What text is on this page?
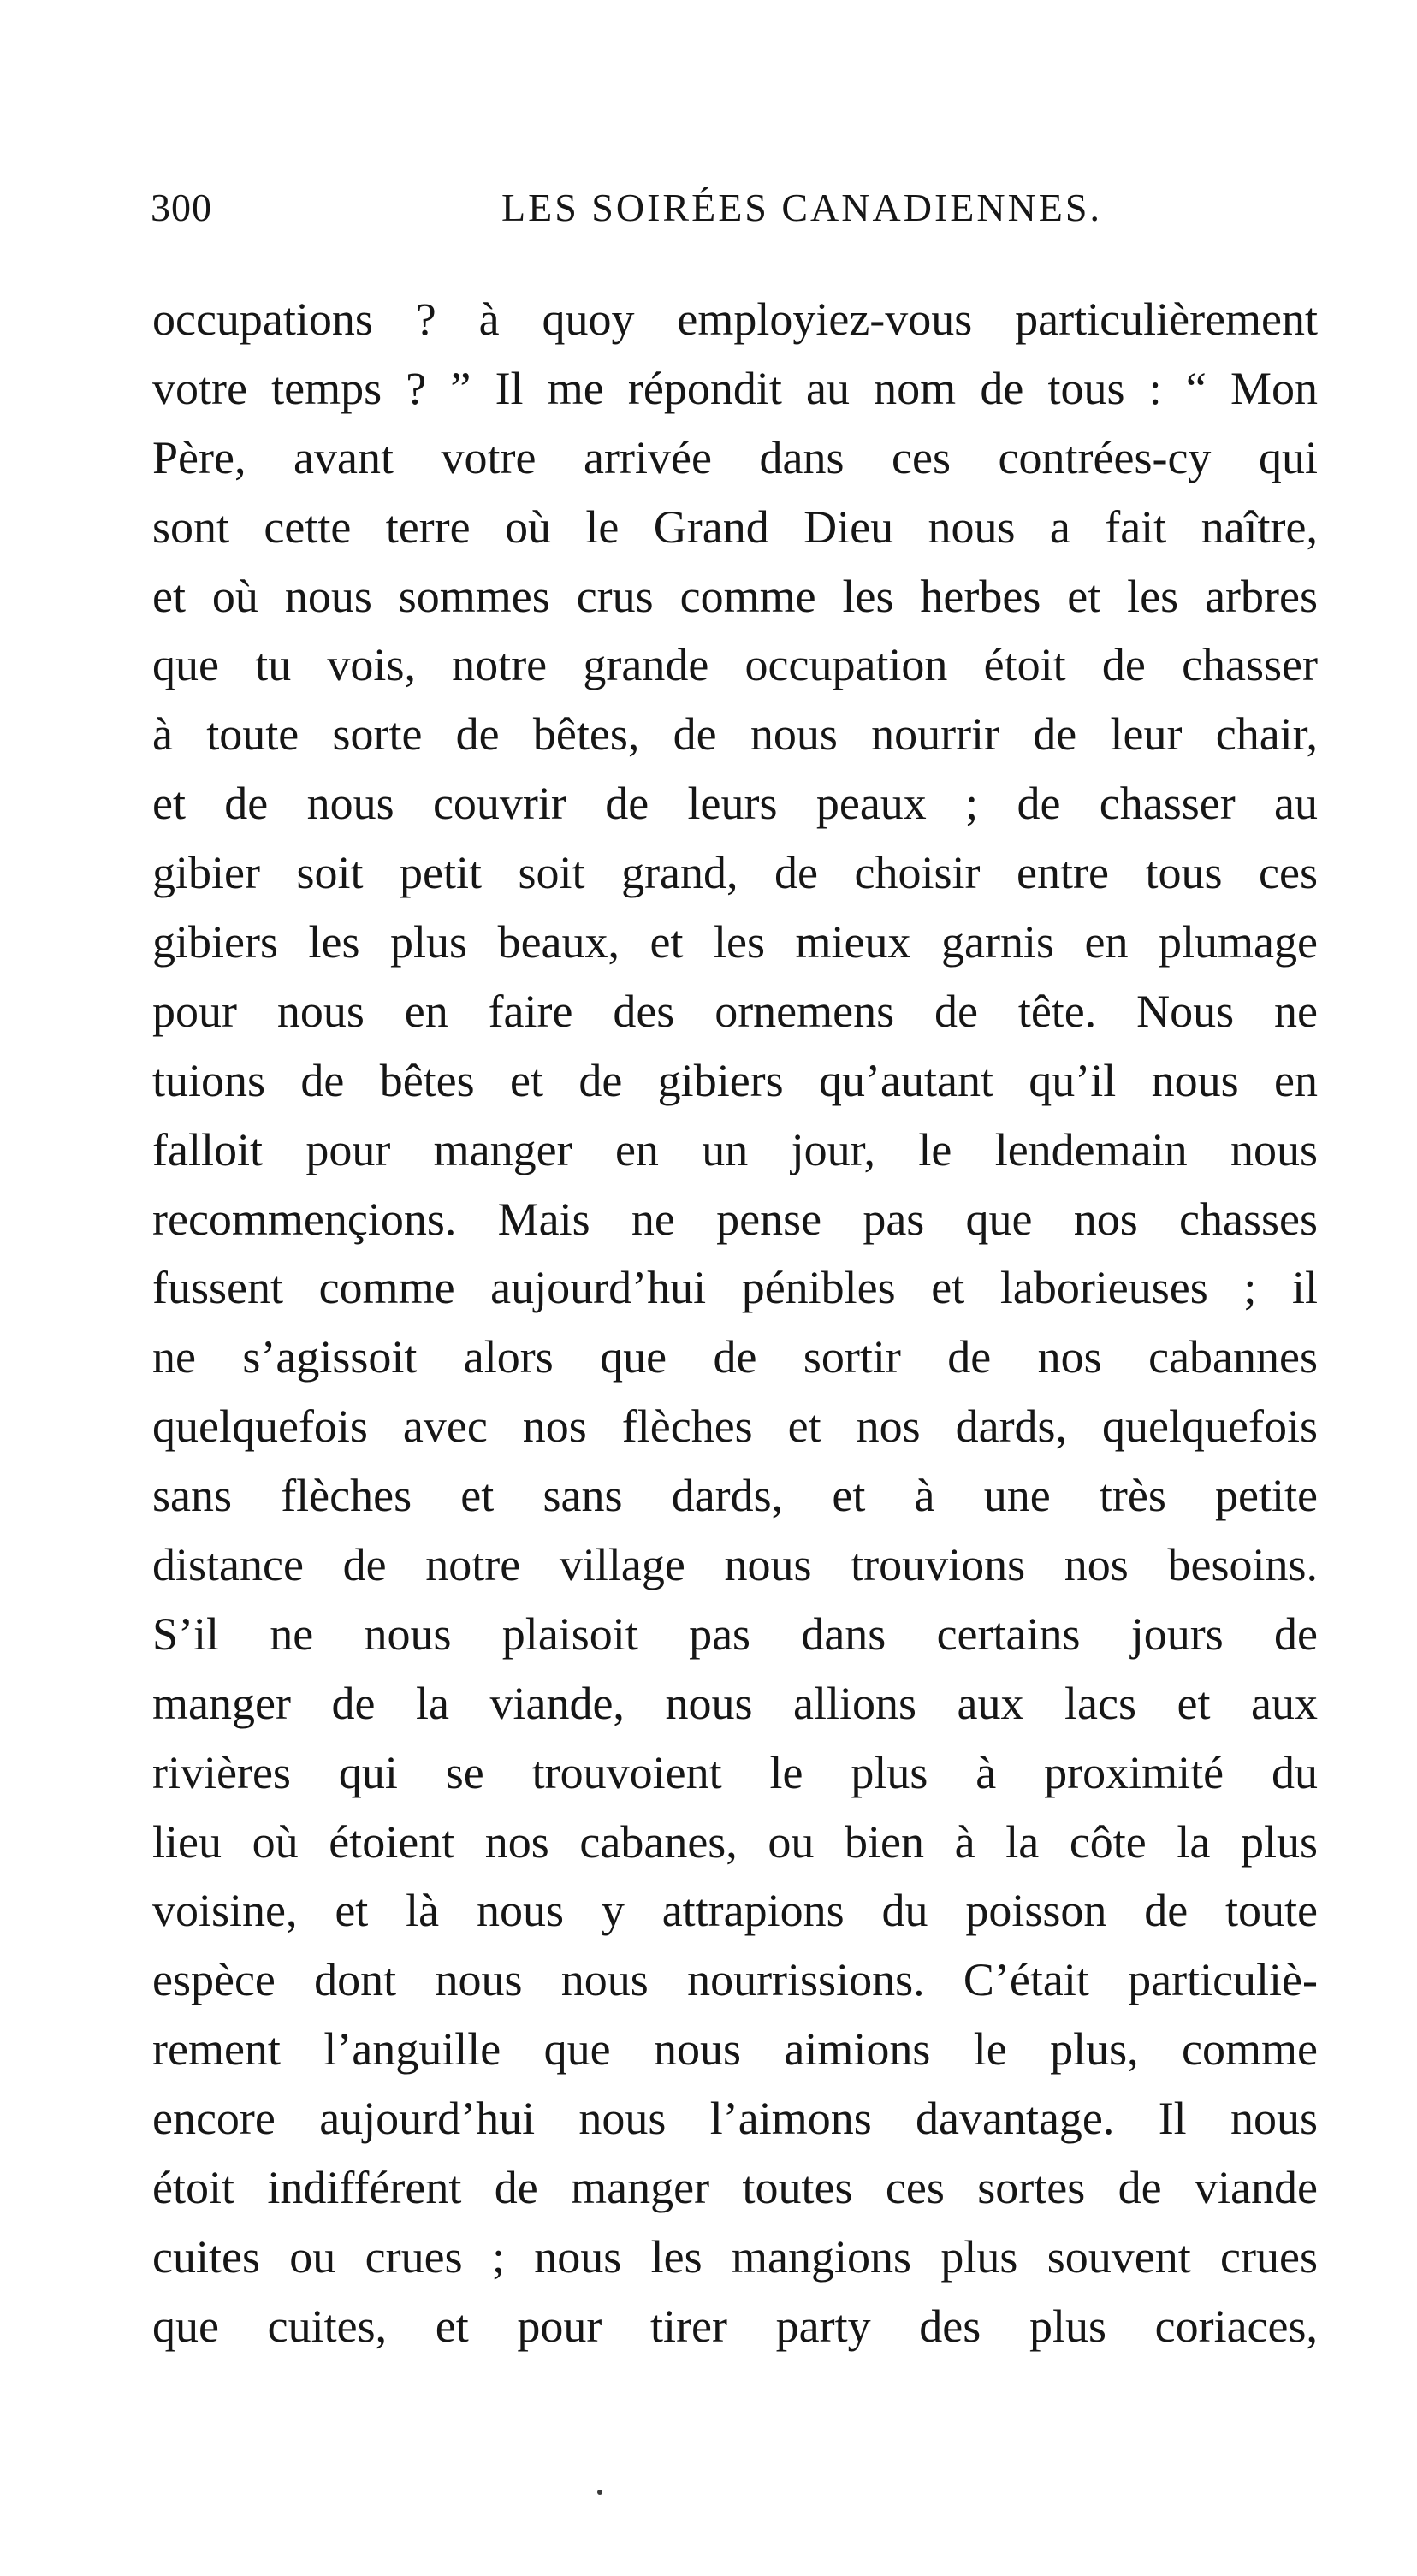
300	LES SOIRÉES CANADIENNES.
occupations ? à quoy employiez-vous particulièrement
votre temps ? ” Il me répondit au nom de tous : “ Mon
Père, avant votre arrivée dans ces contrées-cy qui
sont cette terre où le Grand Dieu nous a fait naître,
et où nous sommes crus comme les herbes et les arbres
que tu vois, notre grande occupation étoit de chasser
à toute sorte de bêtes, de nous nourrir de leur chair,
et de nous couvrir de leurs peaux ; de chasser au
gibier soit petit soit grand, de choisir entre tous ces
gibiers les plus beaux, et les mieux garnis en plumage
pour nous en faire des ornemens de tête. Nous ne
tuions de bêtes et de gibiers qu’autant qu’il nous en
falloit pour manger en un jour, le lendemain nous
recommençions. Mais ne pense pas que nos chasses
fussent comme aujourd’hui pénibles et laborieuses ; il
ne s’agissoit alors que de sortir de nos cabannes
quelquefois avec nos flèches et nos dards, quelquefois
sans flèches et sans dards, et à une très petite
distance de notre village nous trouvions nos besoins.
S’il ne nous plaisoit pas dans certains jours de
manger de la viande, nous allions aux lacs et aux
rivières qui se trouvoient le plus à proximité du
lieu où étoient nos cabanes, ou bien à la côte la plus
voisine, et là nous y attrapions du poisson de toute
espèce dont nous nous nourrissions. C’était particuliè-
rement l’anguille que nous aimions le plus, comme
encore aujourd’hui nous l’aimons davantage. Il nous
étoit indifférent de manger toutes ces sortes de viande
cuites ou crues ; nous les mangions plus souvent crues
que cuites, et pour tirer party des plus coriaces,
